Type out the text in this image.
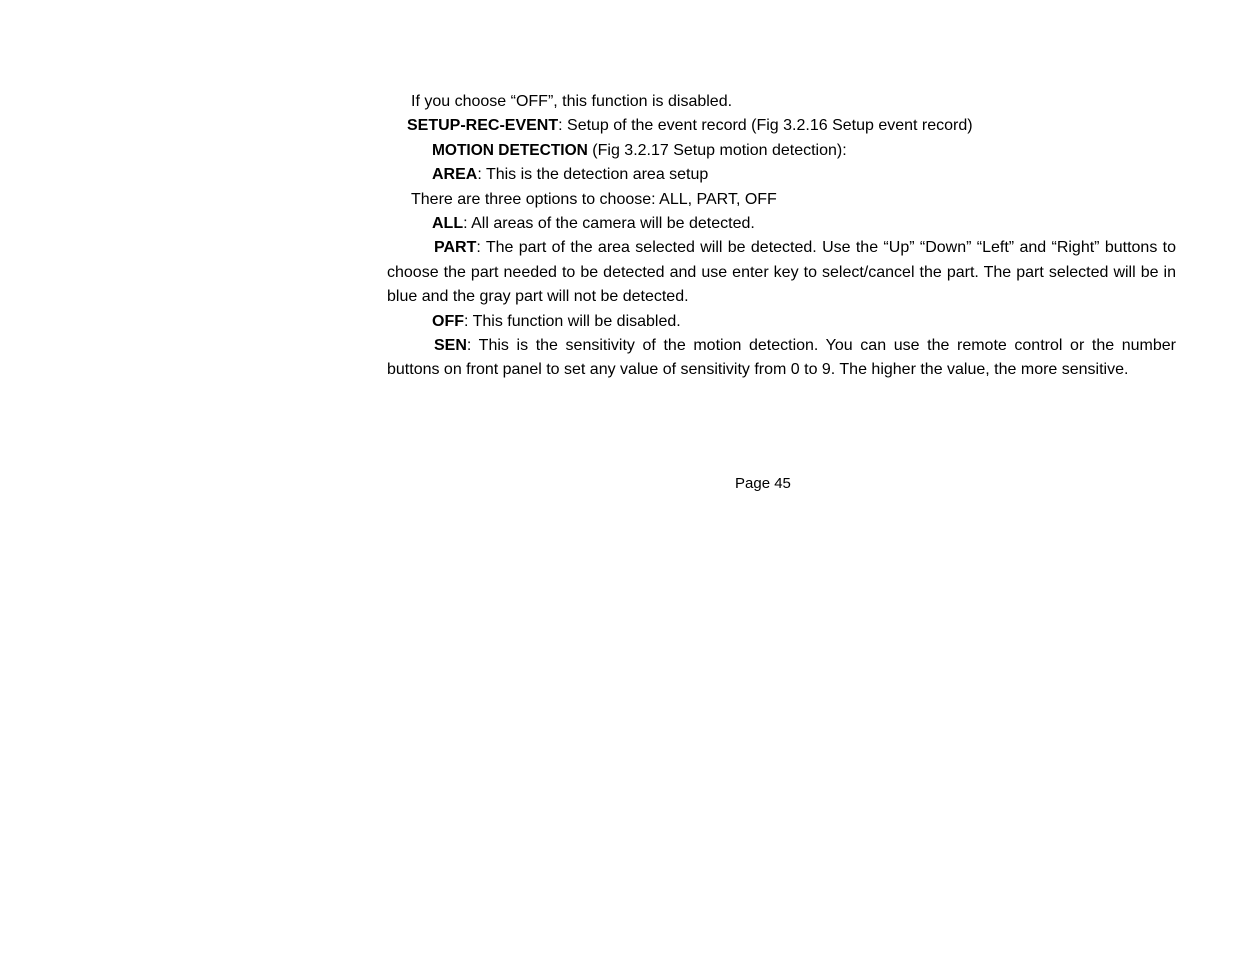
If you choose “OFF”, this function is disabled.

SETUP-REC-EVENT: Setup of the event record (Fig 3.2.16 Setup event record)

MOTION DETECTION (Fig 3.2.17 Setup motion detection):

AREA: This is the detection area setup

There are three options to choose: ALL, PART, OFF

ALL: All areas of the camera will be detected.

PART: The part of the area selected will be detected. Use the “Up” “Down” “Left” and “Right” buttons to choose the part needed to be detected and use enter key to select/cancel the part. The part selected will be in blue and the gray part will not be detected.

OFF: This function will be disabled.

SEN: This is the sensitivity of the motion detection. You can use the remote control or the number buttons on front panel to set any value of sensitivity from 0 to 9. The higher the value, the more sensitive.

Page 45
